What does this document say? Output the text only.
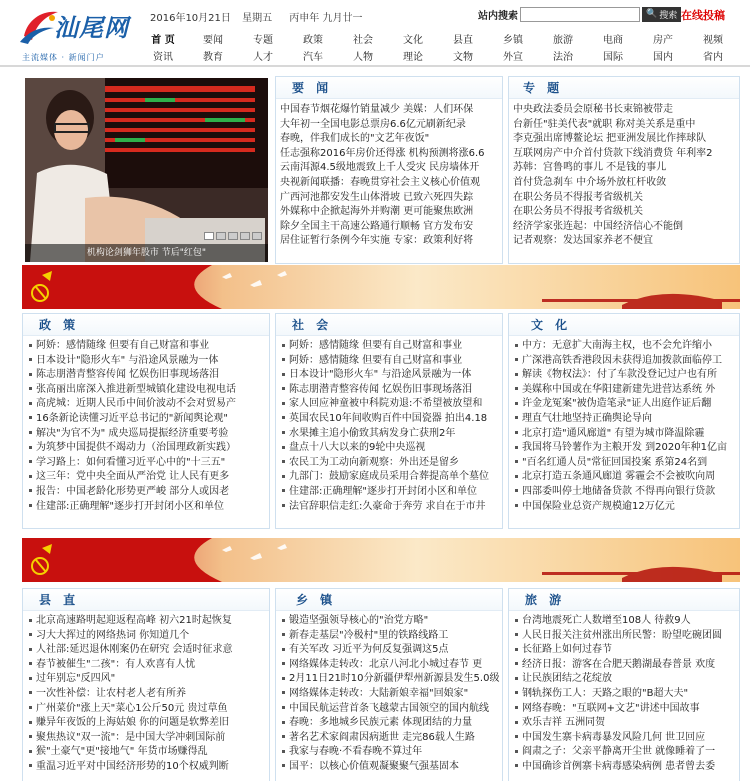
汕尾网
主流媒体 · 新闻门户
2016年10月21日 星期五 丙申年 九月廿一	站内搜索	🔍 搜索 在线投稿
首 页	要闻	专题	政策	社会	文化	县直	乡镇	旅游	电商	房产	视频
资讯	教育	人才	汽车	人物	理论	文物	外宣	法治	国际	国内	省内
机构论剑狮年股市 节后"红包"
要 闻
中国春节烟花爆竹销量减少 美媒：人们环保
大年初一全国电影总票房6.6亿元刷新纪录
春晚，伴我们成长的"文艺年夜饭"
任志强称2016年房价还得涨 机构预测将涨6.6
云南洱源4.5级地震致上千人受灾 民房墙体开
央视新闻联播：春晚贯穿社会主义核心价值观
广西河池都安发生山体滑坡 已致六死四失踪
外媒称中企掀起海外并购潮 更可能聚焦欧洲
除夕全国主干高速公路通行顺畅 官方发布安
居住证暂行条例今年实施 专家：政策利好将
专 题
中央政法委员会原秘书长束锦被带走
台新任"驻美代表"就职 称对美关系是重中
李克强出席博鳌论坛 把亚洲发展比作摔球队
互联网房产中介首付贷款下线消费贷 年利率2
苏韩：宫鲁鸣的事儿 不是钱的事儿
首付贷急刹车 中介场外放杠杆收敛
在职公务员不得报考省级机关
在职公务员不得报考省级机关
经济学家张连起：中国经济信心不能倒
记者观察：发达国家养老不便宜
政 策
阿娇：感情随缘 但要有自己财富和事业
日本设计"隐形火车" 与沿途风景融为一体
陈志朋潜青整容传闻 忆娱伤旧事现场落泪
张高丽出席深入推进新型城镇化建设电视电话
高虎城：近期人民币中间价波动不会对贸易产
16条新论读懂习近平总书记的"新闻舆论观"
解决"为官不为" 成央巡局提振经济重要考验
为筑梦中国提供不竭动力（治国理政新实践）
学习路上：如何看懂习近平心中的"十三五"
这三年：党中央全面从严治党 让人民有更多
报告：中国老龄化形势更严峻 部分人或因老
住建部:正确理解"逐步打开封闭小区和单位
社 会
阿娇：感情随缘 但要有自己财富和事业
阿娇：感情随缘 但要有自己财富和事业
日本设计"隐形火车" 与沿途风景融为一体
陈志朋潜青整容传闻 忆娱伤旧事现场落泪
家人回应神童被中科院劝退:不希望被放望和
英国农民10年间收购百件中国瓷器 拍出4.18
水果摊主追小偷致其病发身亡获刑2年
盘点十八大以来的9轮中央巡视
农民工为工动向新观察：外出还是留乡
九部门：鼓励家庭成员采用合葬提高单个墓位
住建部:正确理解"逐步打开封闭小区和单位
法官辞职信走红:久豪命于奔劳 求自在于市井
文 化
中方：无意扩大南海主权，也不会允许缩小
广深港高铁香港段因未获得追加拨款面临停工
解读《物权法》：付了车款没登记过户也有所
美媒称中国或在华阳建新建先进营达系统 外
许金龙冤案"被伪造笔录"证人出庭作证后翻
理直气壮地坚持正确舆论导向
北京打造"通风廊道" 有望为城市降温除霾
我国将马铃薯作为主粮开发 到2020年种1亿亩
"百名红通人员"常征回国投案 系第24名到
北京打造五条通风廊道 雾霾会不会被吹向周
四部委叫停土地储备贷款 不得再向银行贷款
中国保险业总资产规模逾12万亿元
县 直
北京高速路明起迎返程高峰 初六21时起恢复
习大大挥过的网络热词 你知道几个
人社部:延迟退休刚案仍在研究 会适时征求意
春节被催生"二孩"：有人欢喜有人忧
过年别忘"反四风"
一次性补偿：让农村老人老有所养
广州菜价"涨上天"菜心1公斤50元 贵过草鱼
赚异年夜饭的上海姑娘 你的问题是软弊差旧
聚焦热议"双一流"：是中国大学冲刺国际前
猴"土豪气"更"接地气" 年货市场赚得乱
重温习近平对中国经济形势的10个权威判断
乡 镇
锻造坚强领导核心的"治党方略"
新春走基层"冷极村"里的铁路线路工
有关军改 习近平为何反复强调这5点
网络媒体走转改：北京八河北小城过春节 更
2月11日21时10分新疆伊犁州新源县发生5.0级
网络媒体走转改：大陆新娘幸福"回娘家"
中国民航运营首条飞越蒙古国领空的国内航线
春晚：多地城乡民族元素 体现团结的力量
著名艺术家阎肃因病逝世 走完86载人生路
我家与春晚·不看春晚不算过年
国平：以核心价值观凝聚聚气强基固本
旅 游
台湾地震死亡人数增至108人 待救9人
人民日报关注贫州涨出所民警：盼望吃碗团圆
长征路上如何过春节
经济日报：游客在合肥天鹅湖最春普景 欢度
让民族团结之花绽放
钢轨探伤工人：天路之眼的"B超大夫"
网络春晚："互联网+文艺"讲述中国故事
欢乐吉祥 五洲同贺
中国发生寨卡病毒暴发风险几何 世卫回应
阎肃之子：父亲平静离开尘世 就像睡着了一
中国确诊首例寨卡病毒感染病例 患者曾去委
